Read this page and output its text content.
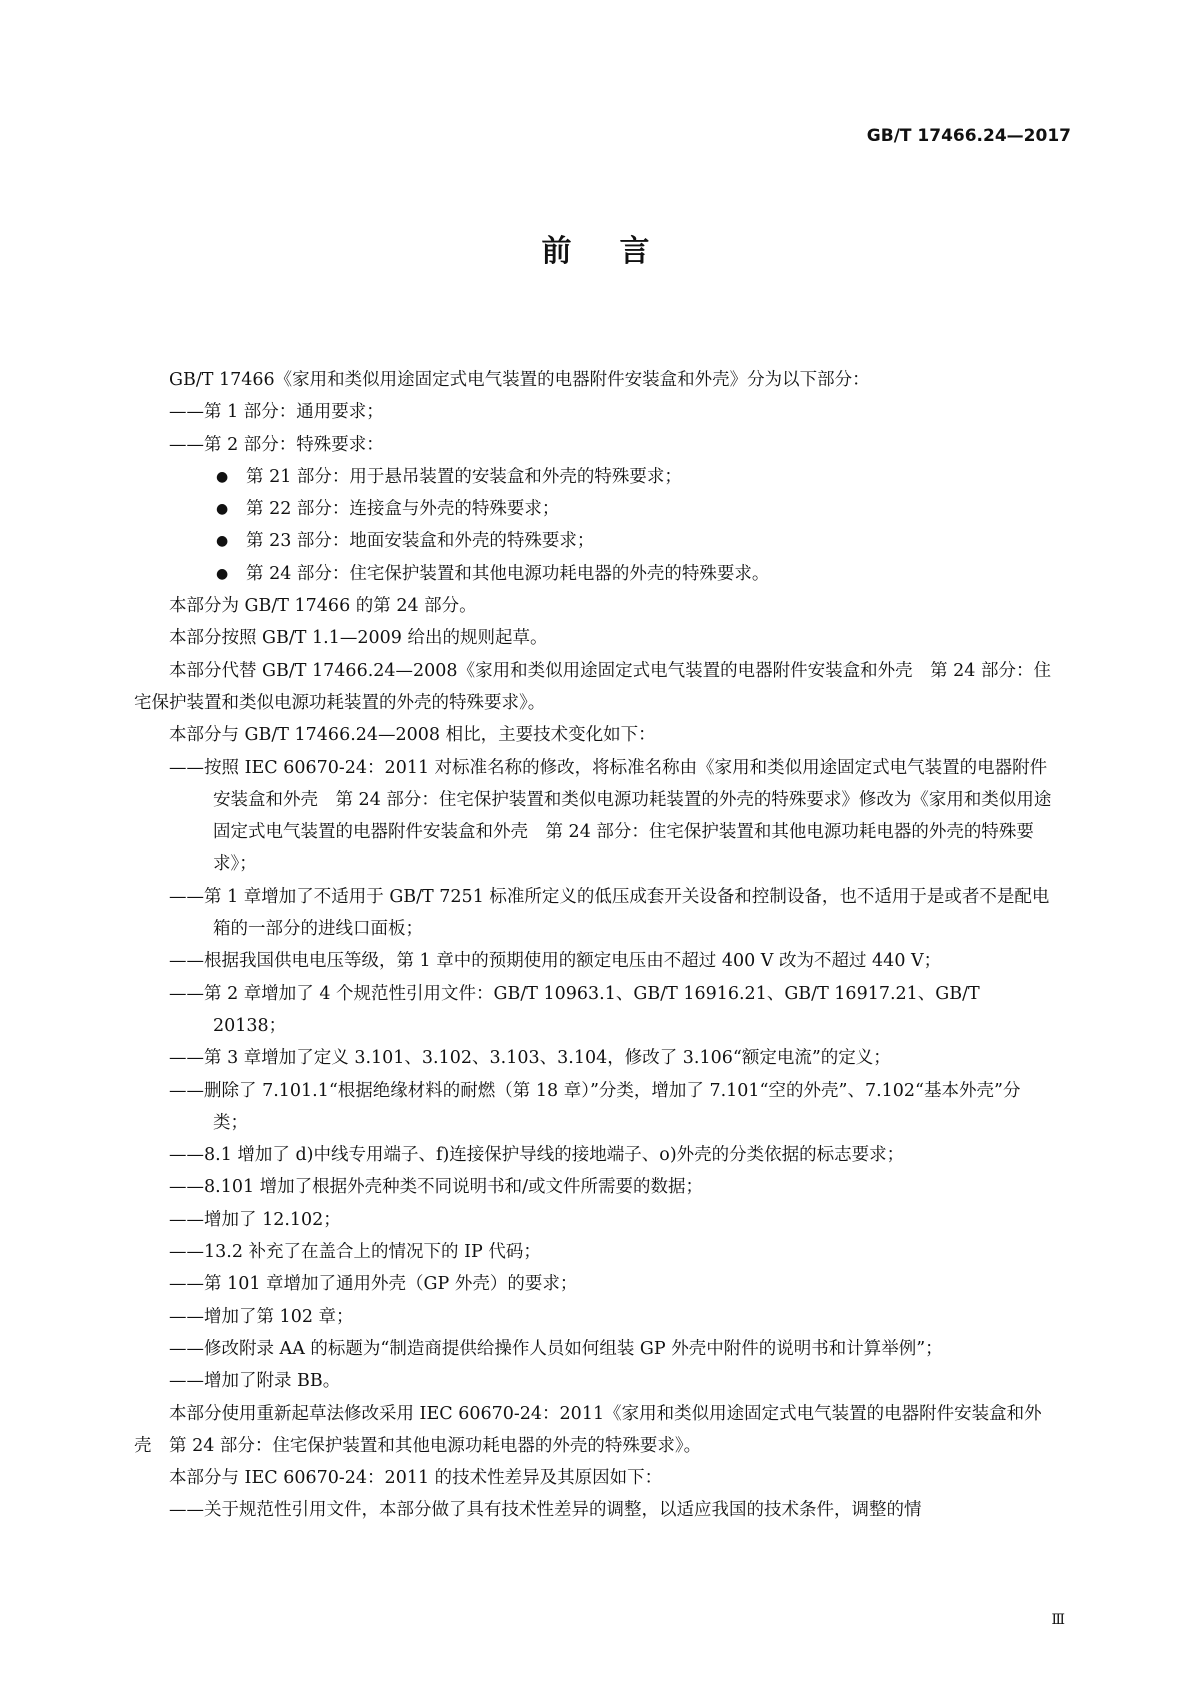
GB/T 17466.24—2017
前言

GB/T 17466《家用和类似用途固定式电气装置的电器附件安装盒和外壳》分为以下部分：

——第 1 部分：通用要求；

——第 2 部分：特殊要求：

● 第 21 部分：用于悬吊装置的安装盒和外壳的特殊要求；

● 第 22 部分：连接盒与外壳的特殊要求；

● 第 23 部分：地面安装盒和外壳的特殊要求；

● 第 24 部分：住宅保护装置和其他电源功耗电器的外壳的特殊要求。

本部分为 GB/T 17466 的第 24 部分。

本部分按照 GB/T 1.1—2009 给出的规则起草。

本部分代替 GB/T 17466.24—2008《家用和类似用途固定式电气装置的电器附件安装盒和外壳　第 24 部分：住宅保护装置和类似电源功耗装置的外壳的特殊要求》。

本部分与 GB/T 17466.24—2008 相比，主要技术变化如下：

——按照 IEC 60670-24：2011 对标准名称的修改，将标准名称由《家用和类似用途固定式电气装置的电器附件安装盒和外壳　第 24 部分：住宅保护装置和类似电源功耗装置的外壳的特殊要求》修改为《家用和类似用途固定式电气装置的电器附件安装盒和外壳　第 24 部分：住宅保护装置和其他电源功耗电器的外壳的特殊要求》；

——第 1 章增加了不适用于 GB/T 7251 标准所定义的低压成套开关设备和控制设备，也不适用于是或者不是配电箱的一部分的进线口面板；

——根据我国供电电压等级，第 1 章中的预期使用的额定电压由不超过 400 V 改为不超过 440 V；

——第 2 章增加了 4 个规范性引用文件：GB/T 10963.1、GB/T 16916.21、GB/T 16917.21、GB/T 20138；

——第 3 章增加了定义 3.101、3.102、3.103、3.104，修改了 3.106“额定电流”的定义；

——删除了 7.101.1“根据绝缘材料的耐燃（第 18 章）”分类，增加了 7.101“空的外壳”、7.102“基本外壳”分类；

——8.1 增加了 d)中线专用端子、f)连接保护导线的接地端子、o)外壳的分类依据的标志要求；

——8.101 增加了根据外壳种类不同说明书和/或文件所需要的数据；

——增加了 12.102；

——13.2 补充了在盖合上的情况下的 IP 代码；

——第 101 章增加了通用外壳（GP 外壳）的要求；

——增加了第 102 章；

——修改附录 AA 的标题为“制造商提供给操作人员如何组装 GP 外壳中附件的说明书和计算举例”；

——增加了附录 BB。

本部分使用重新起草法修改采用 IEC 60670-24：2011《家用和类似用途固定式电气装置的电器附件安装盒和外壳　第 24 部分：住宅保护装置和其他电源功耗电器的外壳的特殊要求》。

本部分与 IEC 60670-24：2011 的技术性差异及其原因如下：

——关于规范性引用文件，本部分做了具有技术性差异的调整，以适应我国的技术条件，调整的情

Ⅲ
